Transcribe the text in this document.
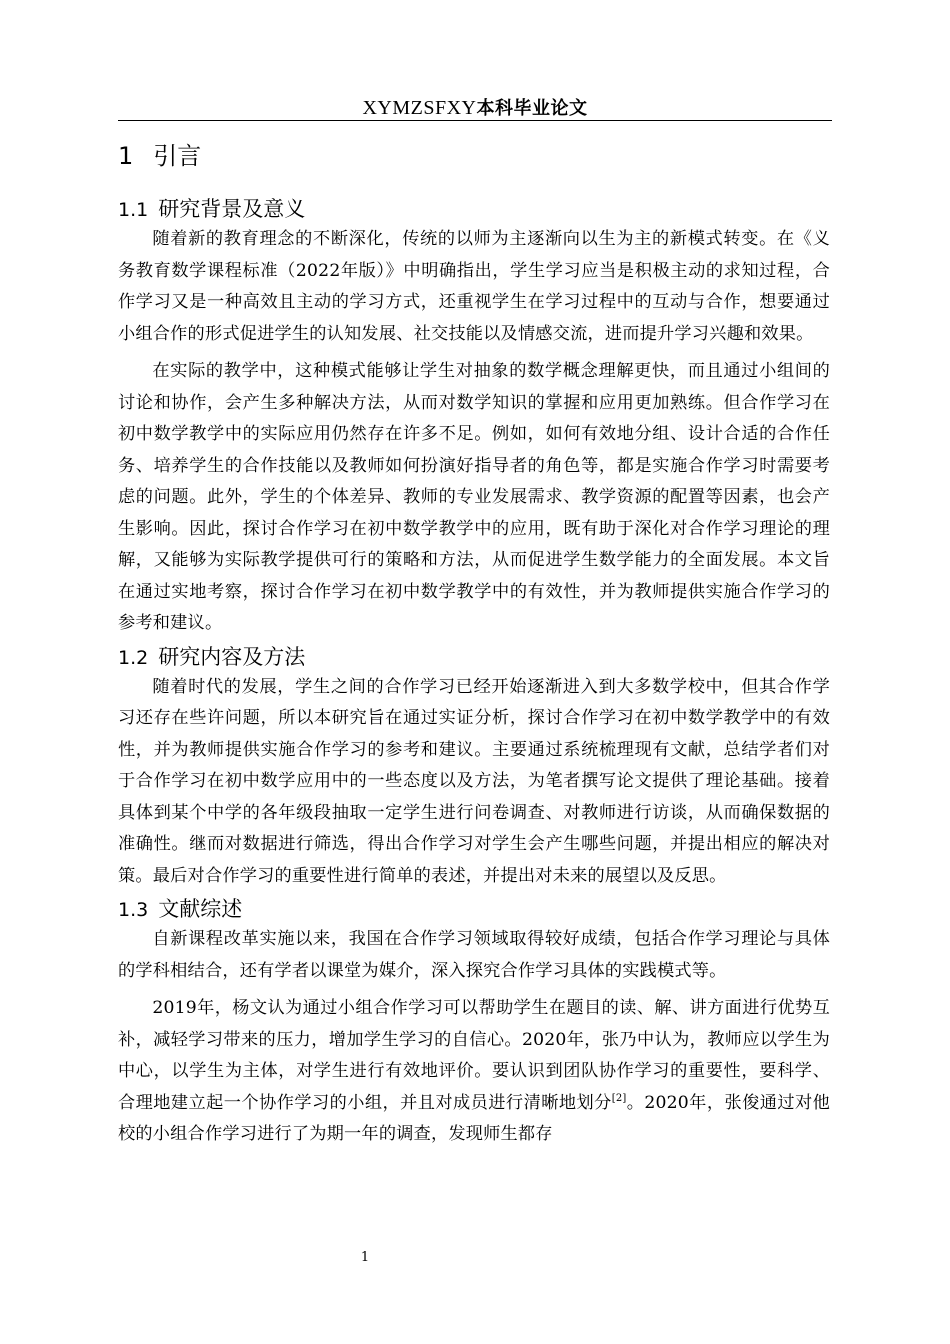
XYMZSFXY本科毕业论文
1 引言
1.1 研究背景及意义

随着新的教育理念的不断深化，传统的以师为主逐渐向以生为主的新模式转变。在《义务教育数学课程标准（2022年版）》中明确指出，学生学习应当是积极主动的求知过程，合作学习又是一种高效且主动的学习方式，还重视学生在学习过程中的互动与合作，想要通过小组合作的形式促进学生的认知发展、社交技能以及情感交流，进而提升学习兴趣和效果。

在实际的教学中，这种模式能够让学生对抽象的数学概念理解更快，而且通过小组间的讨论和协作，会产生多种解决方法，从而对数学知识的掌握和应用更加熟练。但合作学习在初中数学教学中的实际应用仍然存在许多不足。例如，如何有效地分组、设计合适的合作任务、培养学生的合作技能以及教师如何扮演好指导者的角色等，都是实施合作学习时需要考虑的问题。此外，学生的个体差异、教师的专业发展需求、教学资源的配置等因素，也会产生影响。因此，探讨合作学习在初中数学教学中的应用，既有助于深化对合作学习理论的理解，又能够为实际教学提供可行的策略和方法，从而促进学生数学能力的全面发展。本文旨在通过实地考察，探讨合作学习在初中数学教学中的有效性，并为教师提供实施合作学习的参考和建议。

1.2 研究内容及方法

随着时代的发展，学生之间的合作学习已经开始逐渐进入到大多数学校中，但其合作学习还存在些许问题，所以本研究旨在通过实证分析，探讨合作学习在初中数学教学中的有效性，并为教师提供实施合作学习的参考和建议。主要通过系统梳理现有文献，总结学者们对于合作学习在初中数学应用中的一些态度以及方法，为笔者撰写论文提供了理论基础。接着具体到某个中学的各年级段抽取一定学生进行问卷调查、对教师进行访谈，从而确保数据的准确性。继而对数据进行筛选，得出合作学习对学生会产生哪些问题，并提出相应的解决对策。最后对合作学习的重要性进行简单的表述，并提出对未来的展望以及反思。

1.3 文献综述

自新课程改革实施以来，我国在合作学习领域取得较好成绩，包括合作学习理论与具体的学科相结合，还有学者以课堂为媒介，深入探究合作学习具体的实践模式等。

2019年，杨文认为通过小组合作学习可以帮助学生在题目的读、解、讲方面进行优势互补，减轻学习带来的压力，增加学生学习的自信心。2020年，张乃中认为，教师应以学生为中心，以学生为主体，对学生进行有效地评价。要认识到团队协作学习的重要性，要科学、合理地建立起一个协作学习的小组，并且对成员进行清晰地划分[2]。2020年，张俊通过对他校的小组合作学习进行了为期一年的调查，发现师生都存

1
